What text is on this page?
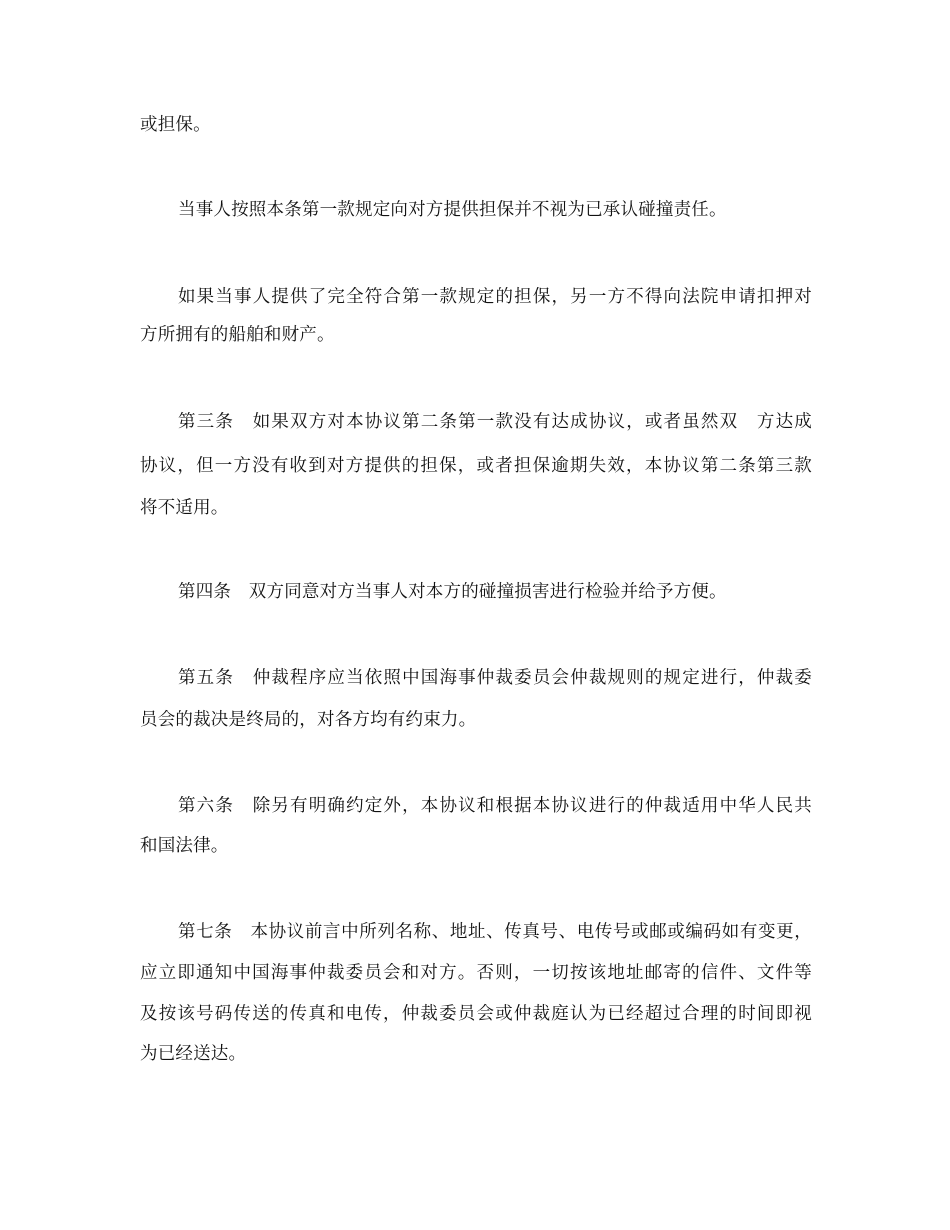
或担保。
当事人按照本条第一款规定向对方提供担保并不视为已承认碰撞责任。
如果当事人提供了完全符合第一款规定的担保，另一方不得向法院申请扣押对
方所拥有的船舶和财产。
第三条　如果双方对本协议第二条第一款没有达成协议，或者虽然双　方达成
协议，但一方没有收到对方提供的担保，或者担保逾期失效，本协议第二条第三款
将不适用。
第四条　双方同意对方当事人对本方的碰撞损害进行检验并给予方便。
第五条　仲裁程序应当依照中国海事仲裁委员会仲裁规则的规定进行，仲裁委
员会的裁决是终局的，对各方均有约束力。
第六条　除另有明确约定外，本协议和根据本协议进行的仲裁适用中华人民共
和国法律。
第七条　本协议前言中所列名称、地址、传真号、电传号或邮或编码如有变更，
应立即通知中国海事仲裁委员会和对方。否则，一切按该地址邮寄的信件、文件等
及按该号码传送的传真和电传，仲裁委员会或仲裁庭认为已经超过合理的时间即视
为已经送达。
